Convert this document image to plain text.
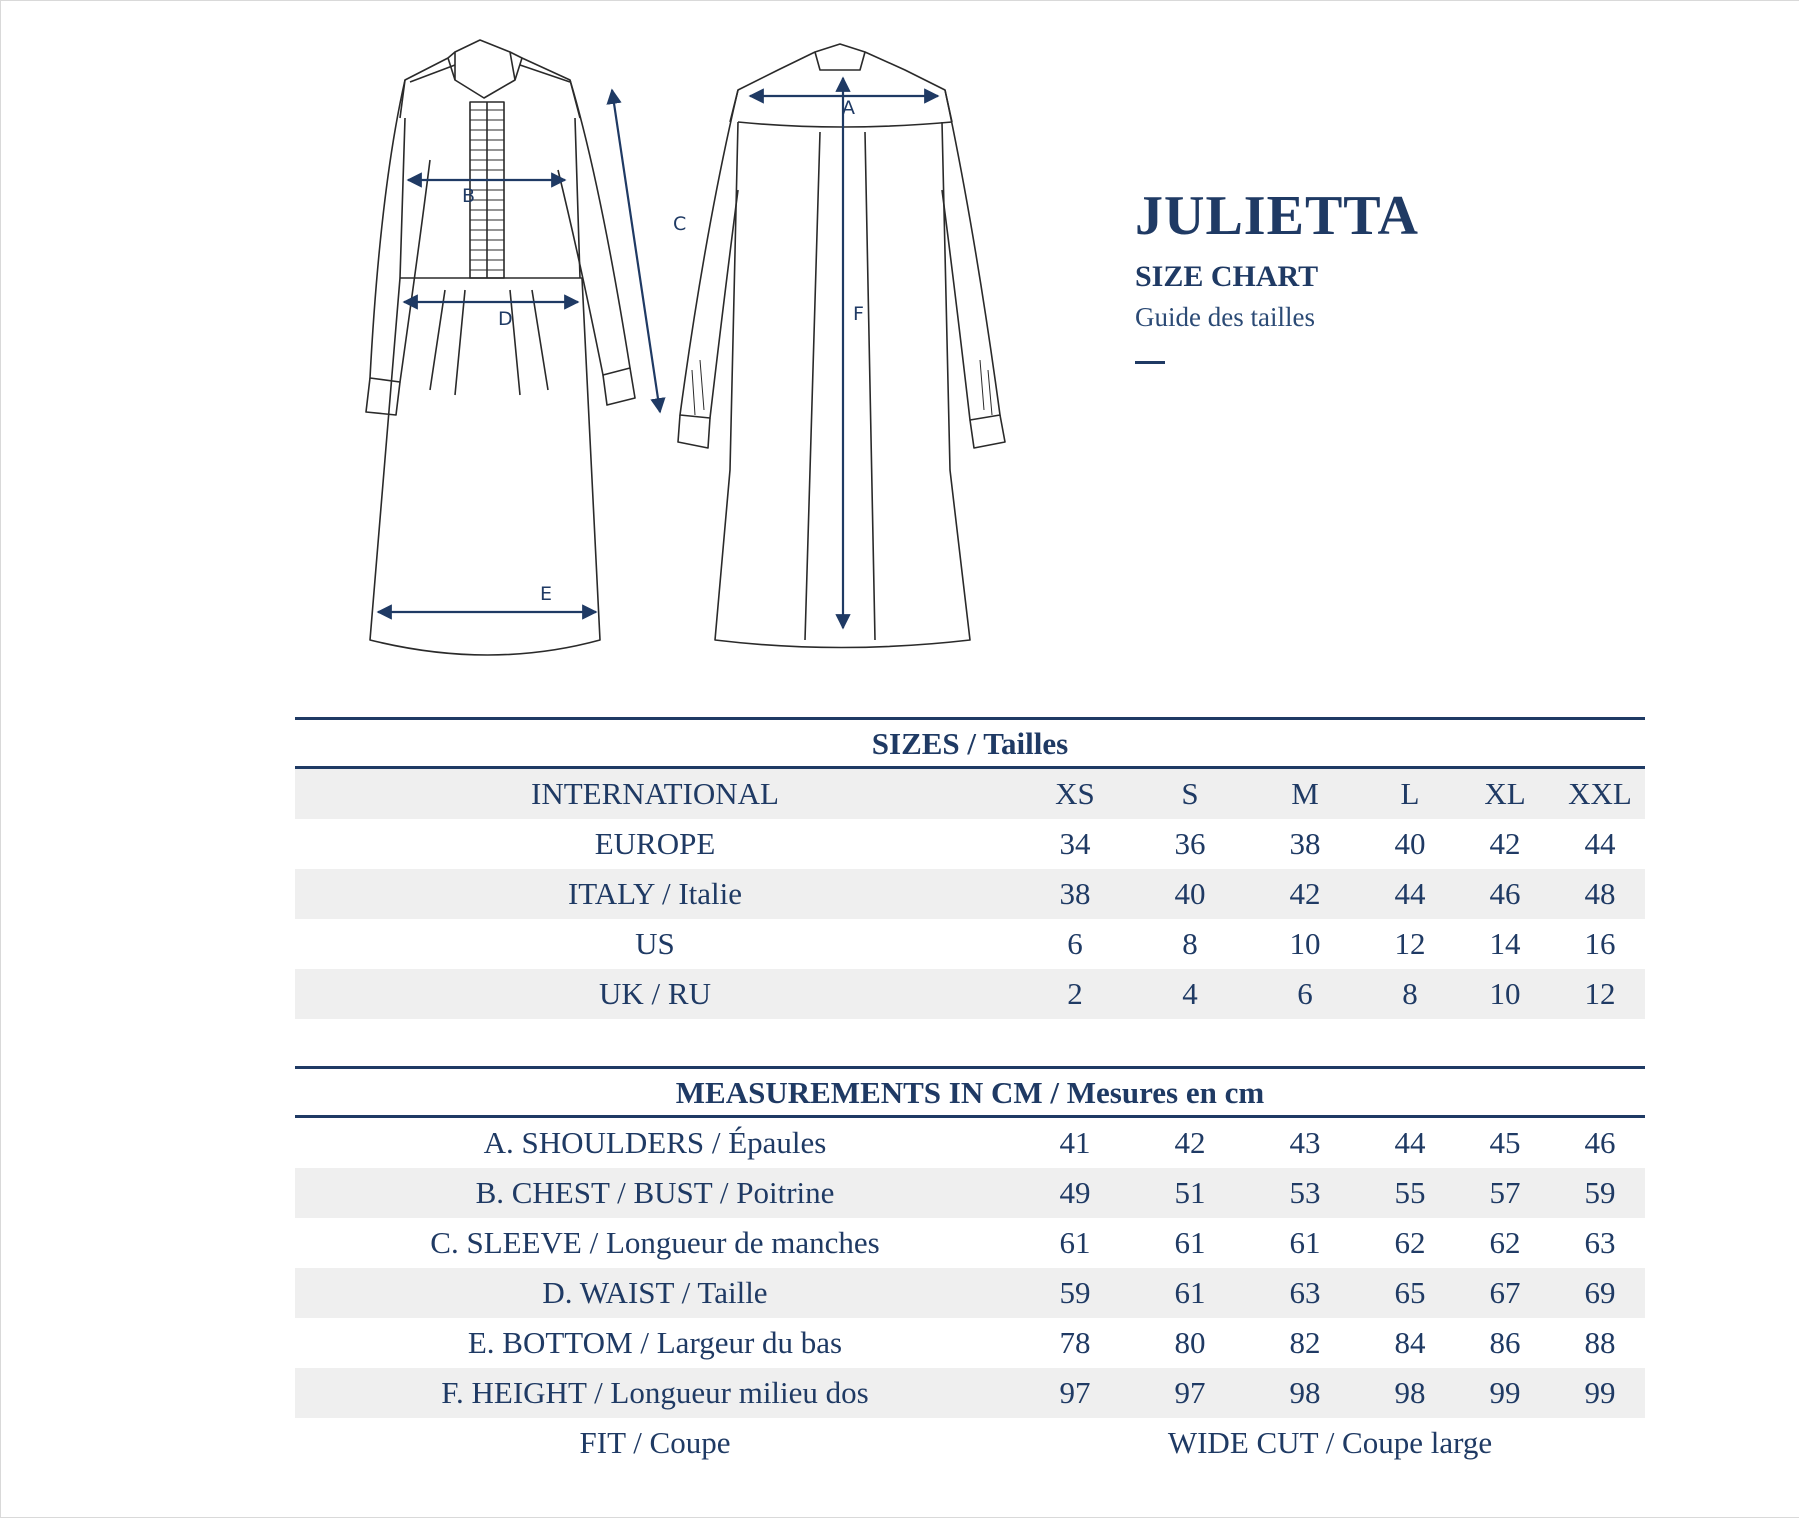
B
C
D
E
A
F
JULIETTA
SIZE CHART
Guide des tailles
SIZES / Tailles
INTERNATIONAL	XS	S	M	L	XL	XXL
EUROPE	34	36	38	40	42	44
ITALY / Italie	38	40	42	44	46	48
US	6	8	10	12	14	16
UK / RU	2	4	6	8	10	12
MEASUREMENTS IN CM / Mesures en cm
A. SHOULDERS / Épaules	41	42	43	44	45	46
B. CHEST / BUST / Poitrine	49	51	53	55	57	59
C. SLEEVE / Longueur de manches	61	61	61	62	62	63
D. WAIST / Taille	59	61	63	65	67	69
E. BOTTOM / Largeur du bas	78	80	82	84	86	88
F. HEIGHT / Longueur milieu dos	97	97	98	98	99	99
FIT / Coupe	WIDE CUT / Coupe large
